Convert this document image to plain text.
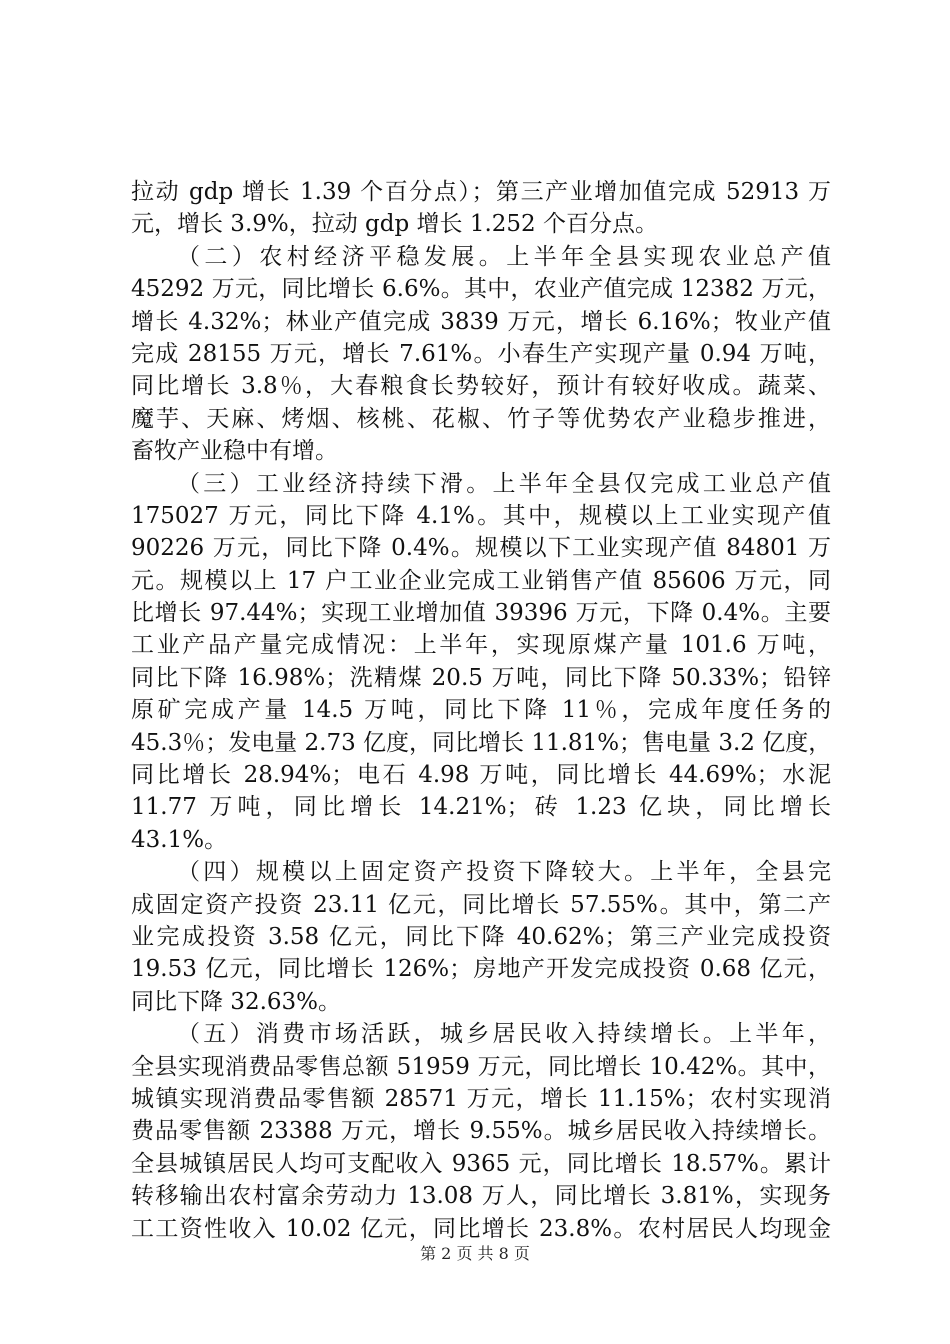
拉动 gdp 增长 1.39 个百分点）；第三产业增加值完成 52913 万
元，增长 3.9%，拉动 gdp 增长 1.252 个百分点。
（二）农村经济平稳发展。上半年全县实现农业总产值
45292 万元，同比增长 6.6%。其中，农业产值完成 12382 万元，
增长 4.32%；林业产值完成 3839 万元，增长 6.16%；牧业产值
完成 28155 万元，增长 7.61%。小春生产实现产量 0.94 万吨，
同比增长 3.8％，大春粮食长势较好，预计有较好收成。蔬菜、
魔芋、天麻、烤烟、核桃、花椒、竹子等优势农产业稳步推进，
畜牧产业稳中有增。
（三）工业经济持续下滑。上半年全县仅完成工业总产值
175027 万元，同比下降 4.1%。其中，规模以上工业实现产值
90226 万元，同比下降 0.4%。规模以下工业实现产值 84801 万
元。规模以上 17 户工业企业完成工业销售产值 85606 万元，同
比增长 97.44%；实现工业增加值 39396 万元，下降 0.4%。主要
工业产品产量完成情况：上半年，实现原煤产量 101.6 万吨，
同比下降 16.98%；洗精煤 20.5 万吨，同比下降 50.33%；铅锌
原矿完成产量 14.5 万吨，同比下降 11％，完成年度任务的
45.3％；发电量 2.73 亿度，同比增长 11.81%；售电量 3.2 亿度，
同比增长 28.94%；电石 4.98 万吨，同比增长 44.69%；水泥
11.77 万吨，同比增长 14.21%；砖 1.23 亿块，同比增长
43.1%。
（四）规模以上固定资产投资下降较大。上半年，全县完
成固定资产投资 23.11 亿元，同比增长 57.55%。其中，第二产
业完成投资 3.58 亿元，同比下降 40.62%；第三产业完成投资
19.53 亿元，同比增长 126%；房地产开发完成投资 0.68 亿元，
同比下降 32.63%。
（五）消费市场活跃，城乡居民收入持续增长。上半年，
全县实现消费品零售总额 51959 万元，同比增长 10.42%。其中，
城镇实现消费品零售额 28571 万元，增长 11.15%；农村实现消
费品零售额 23388 万元，增长 9.55%。城乡居民收入持续增长。
全县城镇居民人均可支配收入 9365 元，同比增长 18.57%。累计
转移输出农村富余劳动力 13.08 万人，同比增长 3.81%，实现务
工工资性收入 10.02 亿元，同比增长 23.8%。农村居民人均现金
第 2 页 共 8 页
